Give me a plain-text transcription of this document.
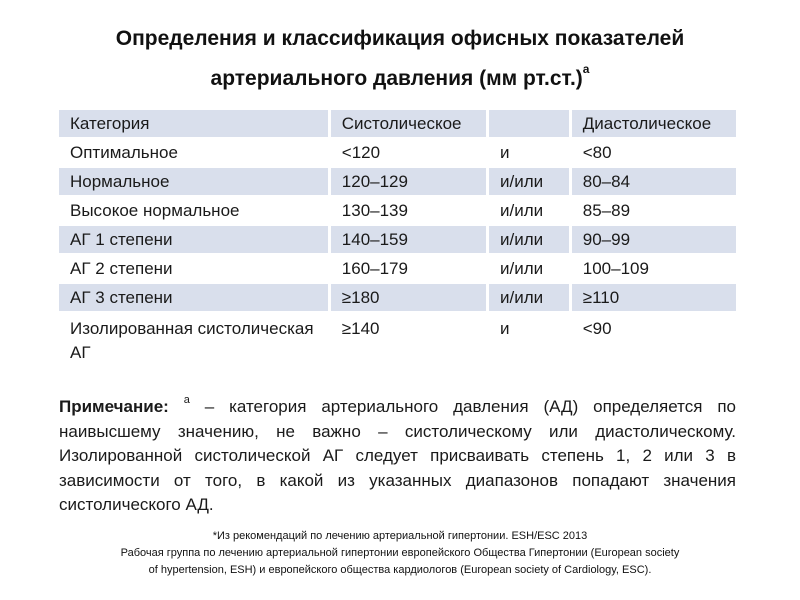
Определения и классификация офисных показателей
артериального давления (мм рт.ст.)$^a$
Категория	Систолическое		Диастолическое
Оптимальное	<120	и	<80
Нормальное	120–129	и/или	80–84
Высокое нормальное	130–139	и/или	85–89
АГ 1 степени	140–159	и/или	90–99
АГ 2 степени	160–179	и/или	100–109
АГ 3 степени	≥180	и/или	≥110
Изолированная систолическая АГ	≥140	и	<90
Примечание: $^a$ – категория артериального давления (АД) определяется по наивысшему значению, не важно – систолическому или диастолическому. Изолированной систолической АГ следует присваивать степень 1, 2 или 3 в зависимости от того, в какой из указанных диапазонов попадают значения систолического АД.
*Из рекомендаций по лечению артериальной гипертонии. ESH/ESC 2013
Рабочая группа по лечению артериальной гипертонии европейского Общества Гипертонии (European society
of hypertension, ESH) и европейского общества кардиологов (European society of Cardiology, ESC).
